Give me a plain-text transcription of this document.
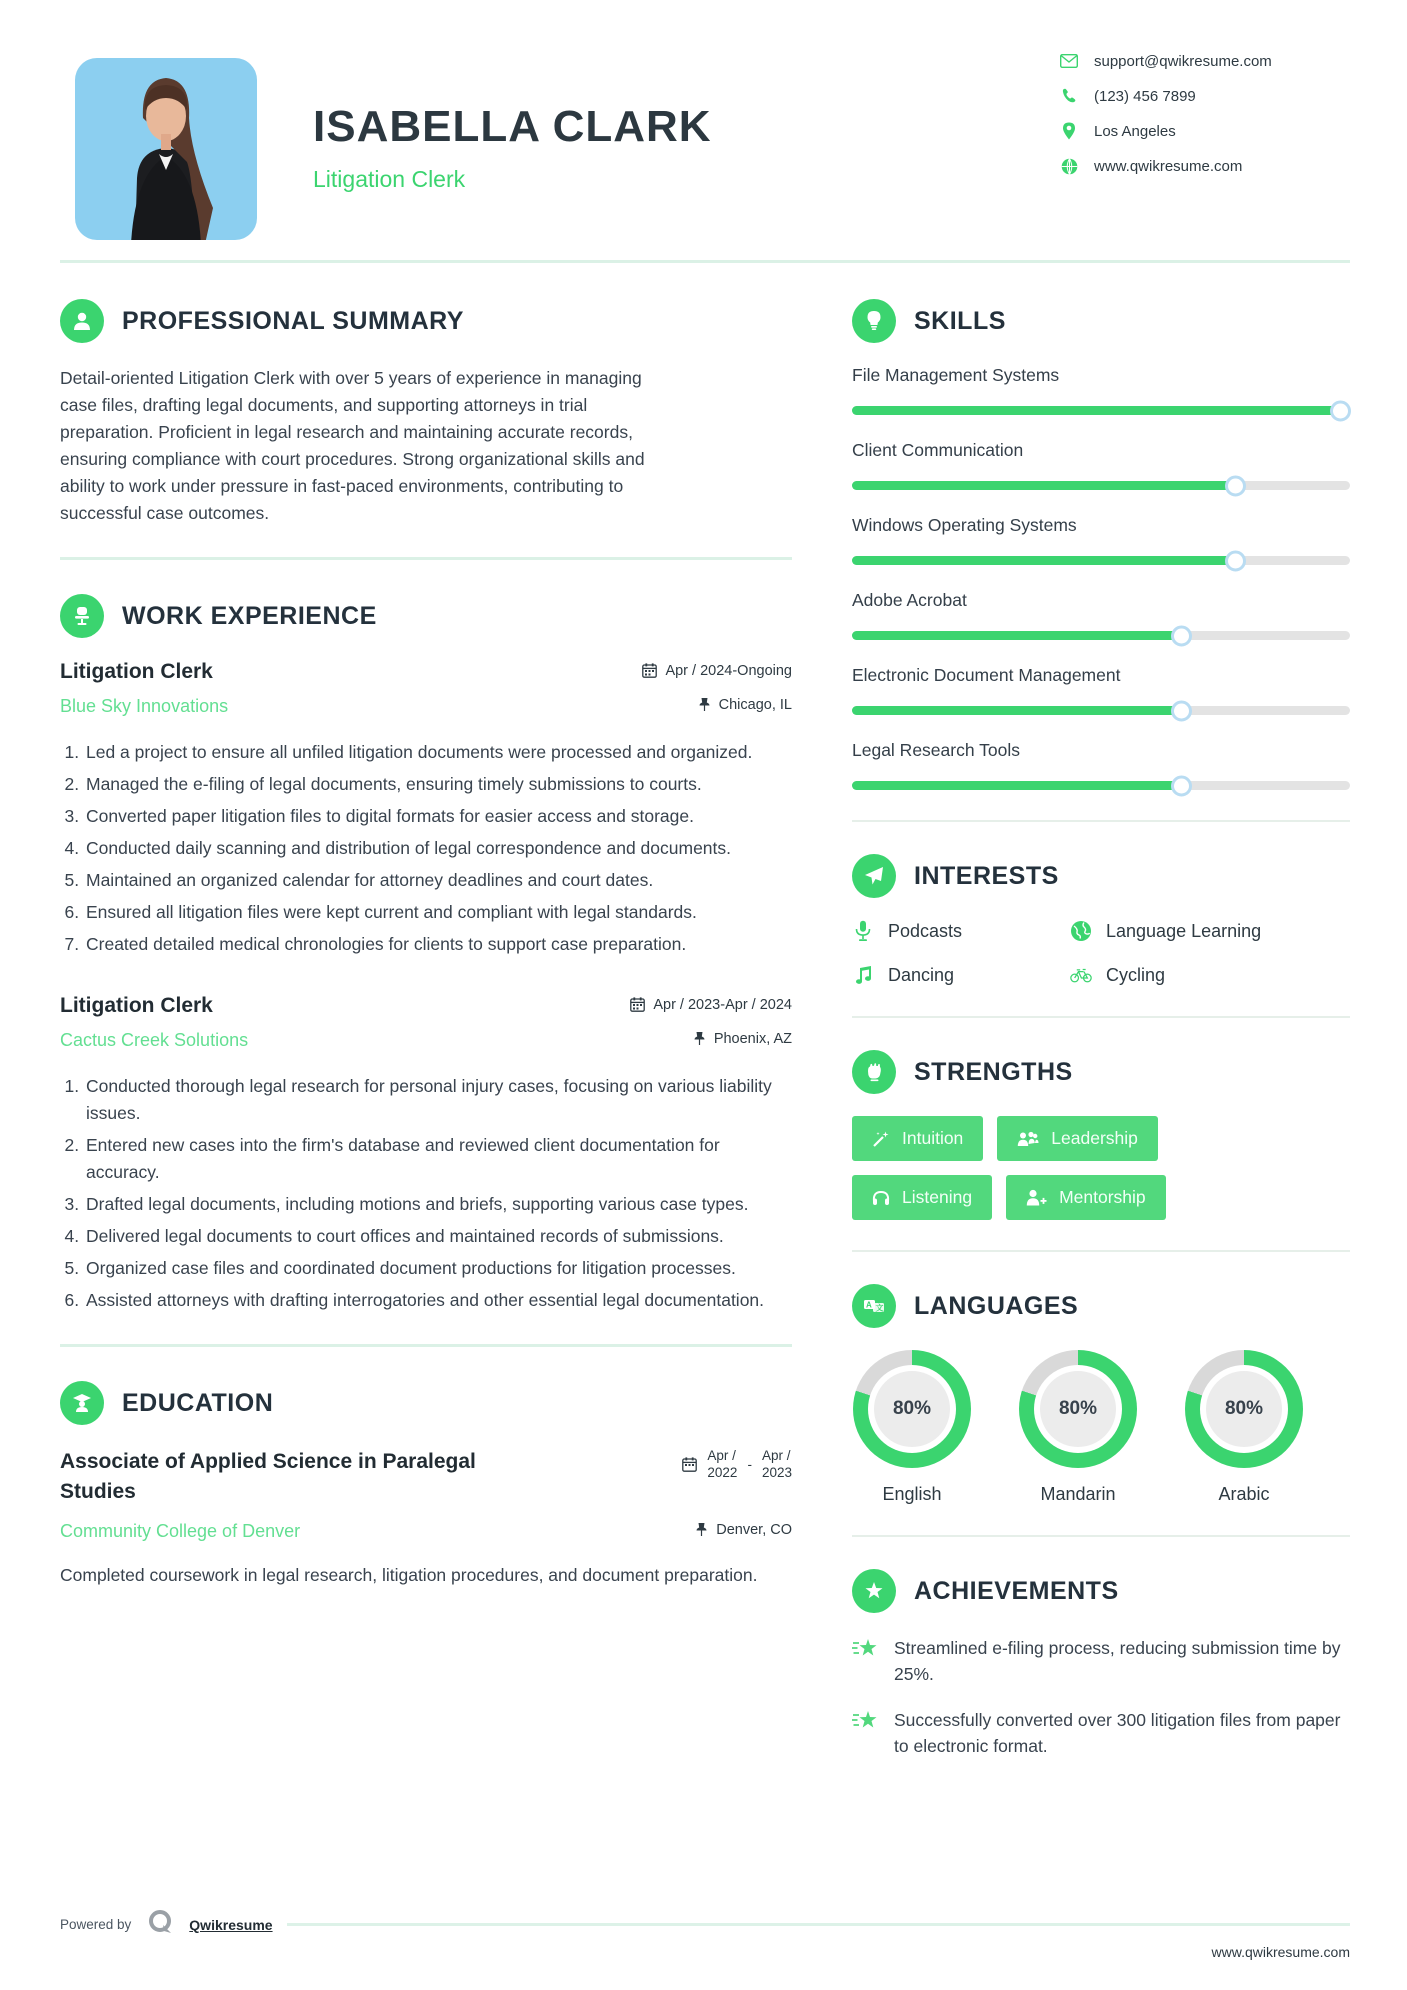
ISABELLA CLARK
Litigation Clerk
support@qwikresume.com
(123) 456 7899
Los Angeles
www.qwikresume.com
PROFESSIONAL SUMMARY

Detail-oriented Litigation Clerk with over 5 years of experience in managing case files, drafting legal documents, and supporting attorneys in trial preparation. Proficient in legal research and maintaining accurate records, ensuring compliance with court procedures. Strong organizational skills and ability to work under pressure in fast-paced environments, contributing to successful case outcomes.

WORK EXPERIENCE
Litigation Clerk	Apr / 2024-Ongoing
Blue Sky Innovations	Chicago, IL
1. Led a project to ensure all unfiled litigation documents were processed and organized.
2. Managed the e-filing of legal documents, ensuring timely submissions to courts.
3. Converted paper litigation files to digital formats for easier access and storage.
4. Conducted daily scanning and distribution of legal correspondence and documents.
5. Maintained an organized calendar for attorney deadlines and court dates.
6. Ensured all litigation files were kept current and compliant with legal standards.
7. Created detailed medical chronologies for clients to support case preparation.
Litigation Clerk	Apr / 2023-Apr / 2024
Cactus Creek Solutions	Phoenix, AZ
1. Conducted thorough legal research for personal injury cases, focusing on various liability issues.
2. Entered new cases into the firm's database and reviewed client documentation for accuracy.
3. Drafted legal documents, including motions and briefs, supporting various case types.
4. Delivered legal documents to court offices and maintained records of submissions.
5. Organized case files and coordinated document productions for litigation processes.
6. Assisted attorneys with drafting interrogatories and other essential legal documentation.
EDUCATION
Associate of Applied Science in Paralegal Studies
Apr /
2022
-
Apr /
2023
Community College of Denver	Denver, CO

Completed coursework in legal research, litigation procedures, and document preparation.

SKILLS
File Management Systems
Client Communication
Windows Operating Systems
Adobe Acrobat
Electronic Document Management
Legal Research Tools
INTERESTS
Podcasts	Language Learning
Dancing	Cycling
STRENGTHS
Intuition	Leadership
Listening	Mentorship
A 文 LANGUAGES
80%
English
80%
Mandarin
80%
Arabic
ACHIEVEMENTS
Streamlined e-filing process, reducing submission time by 25%.
Successfully converted over 300 litigation files from paper to electronic format.
Powered by	Qwikresume
www.qwikresume.com
